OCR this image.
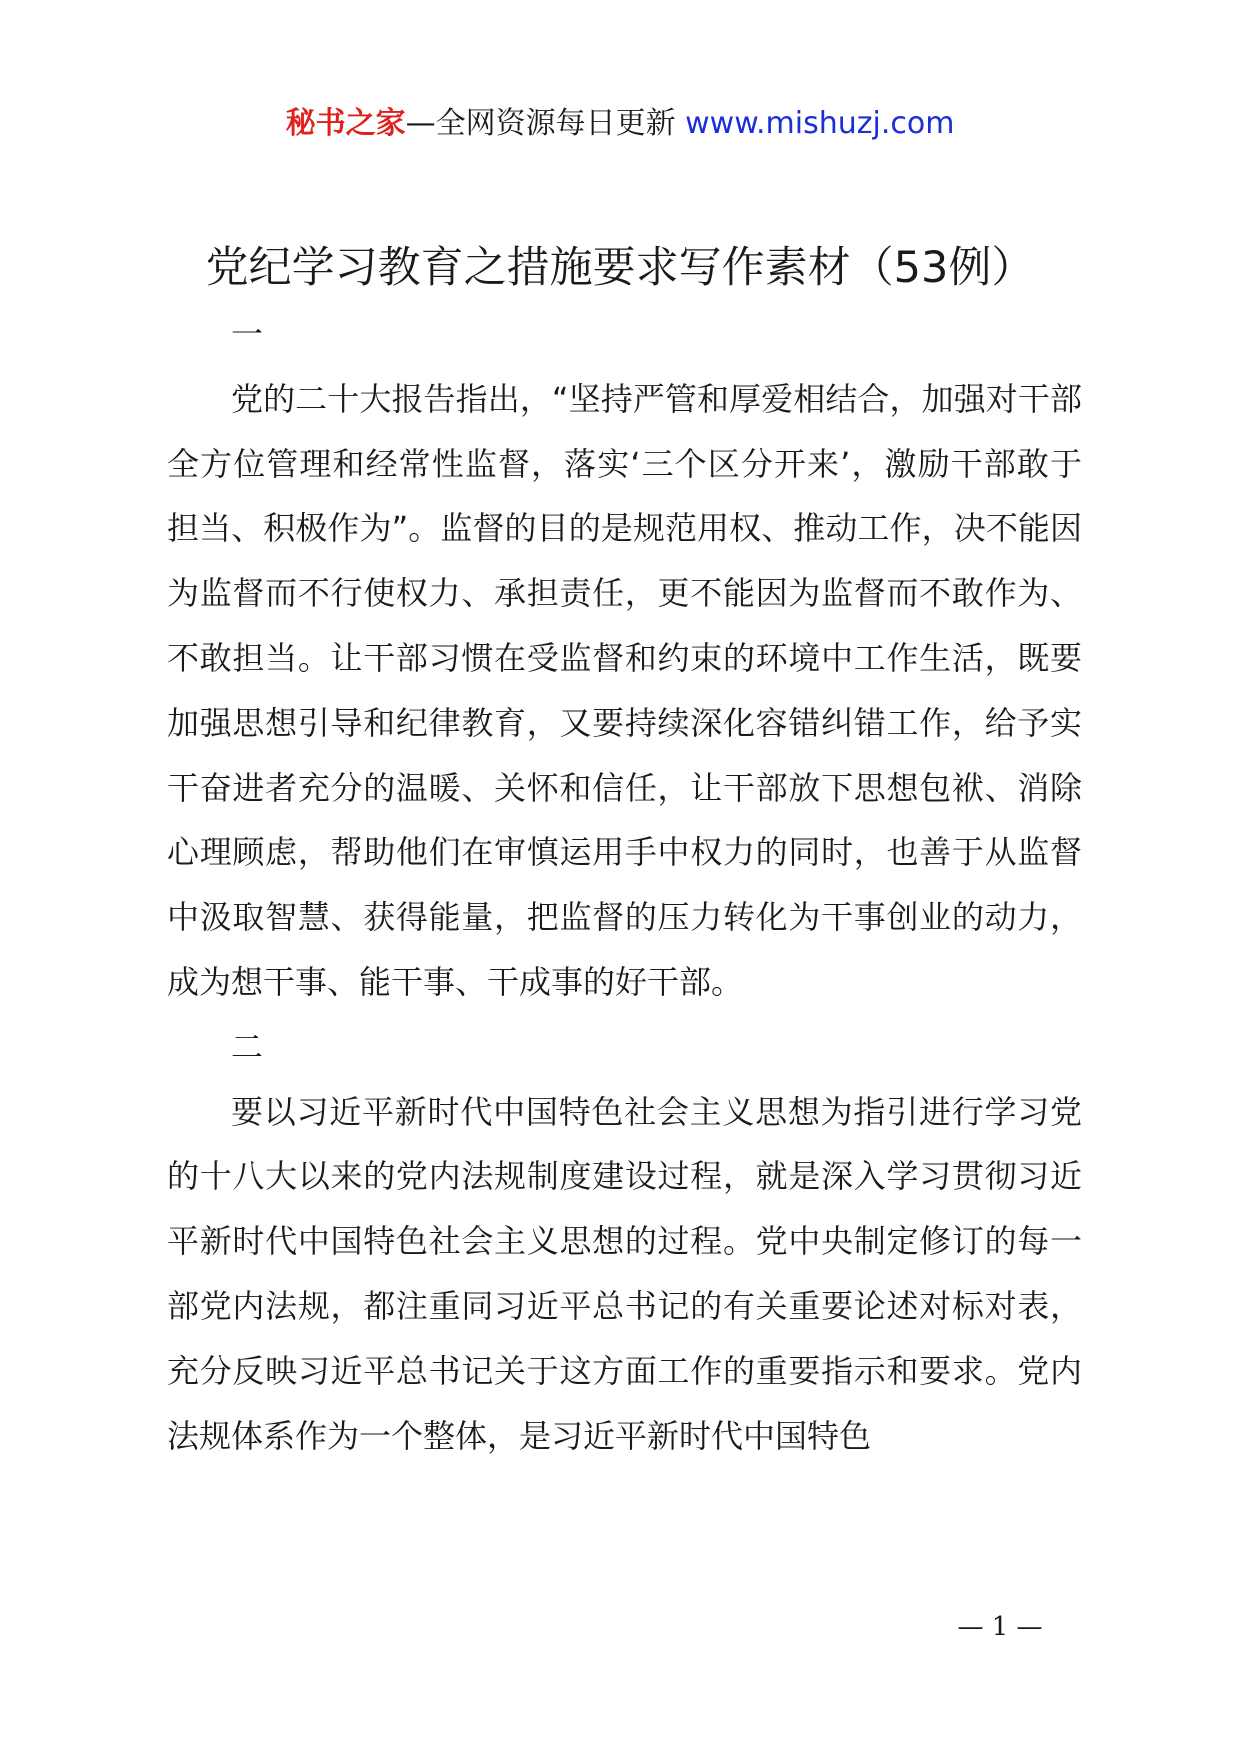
秘书之家—全网资源每日更新 www.mishuzj.com
党纪学习教育之措施要求写作素材（53例）

一

党的二十大报告指出，“坚持严管和厚爱相结合，加强对干部全方位管理和经常性监督，落实‘三个区分开来’，激励干部敢于担当、积极作为”。监督的目的是规范用权、推动工作，决不能因为监督而不行使权力、承担责任，更不能因为监督而不敢作为、不敢担当。让干部习惯在受监督和约束的环境中工作生活，既要加强思想引导和纪律教育，又要持续深化容错纠错工作，给予实干奋进者充分的温暖、关怀和信任，让干部放下思想包袱、消除心理顾虑，帮助他们在审慎运用手中权力的同时，也善于从监督中汲取智慧、获得能量，把监督的压力转化为干事创业的动力，成为想干事、能干事、干成事的好干部。

二

要以习近平新时代中国特色社会主义思想为指引进行学习党的十八大以来的党内法规制度建设过程，就是深入学习贯彻习近平新时代中国特色社会主义思想的过程。党中央制定修订的每一部党内法规，都注重同习近平总书记的有关重要论述对标对表，充分反映习近平总书记关于这方面工作的重要指示和要求。党内法规体系作为一个整体，是习近平新时代中国特色

— 1 —
